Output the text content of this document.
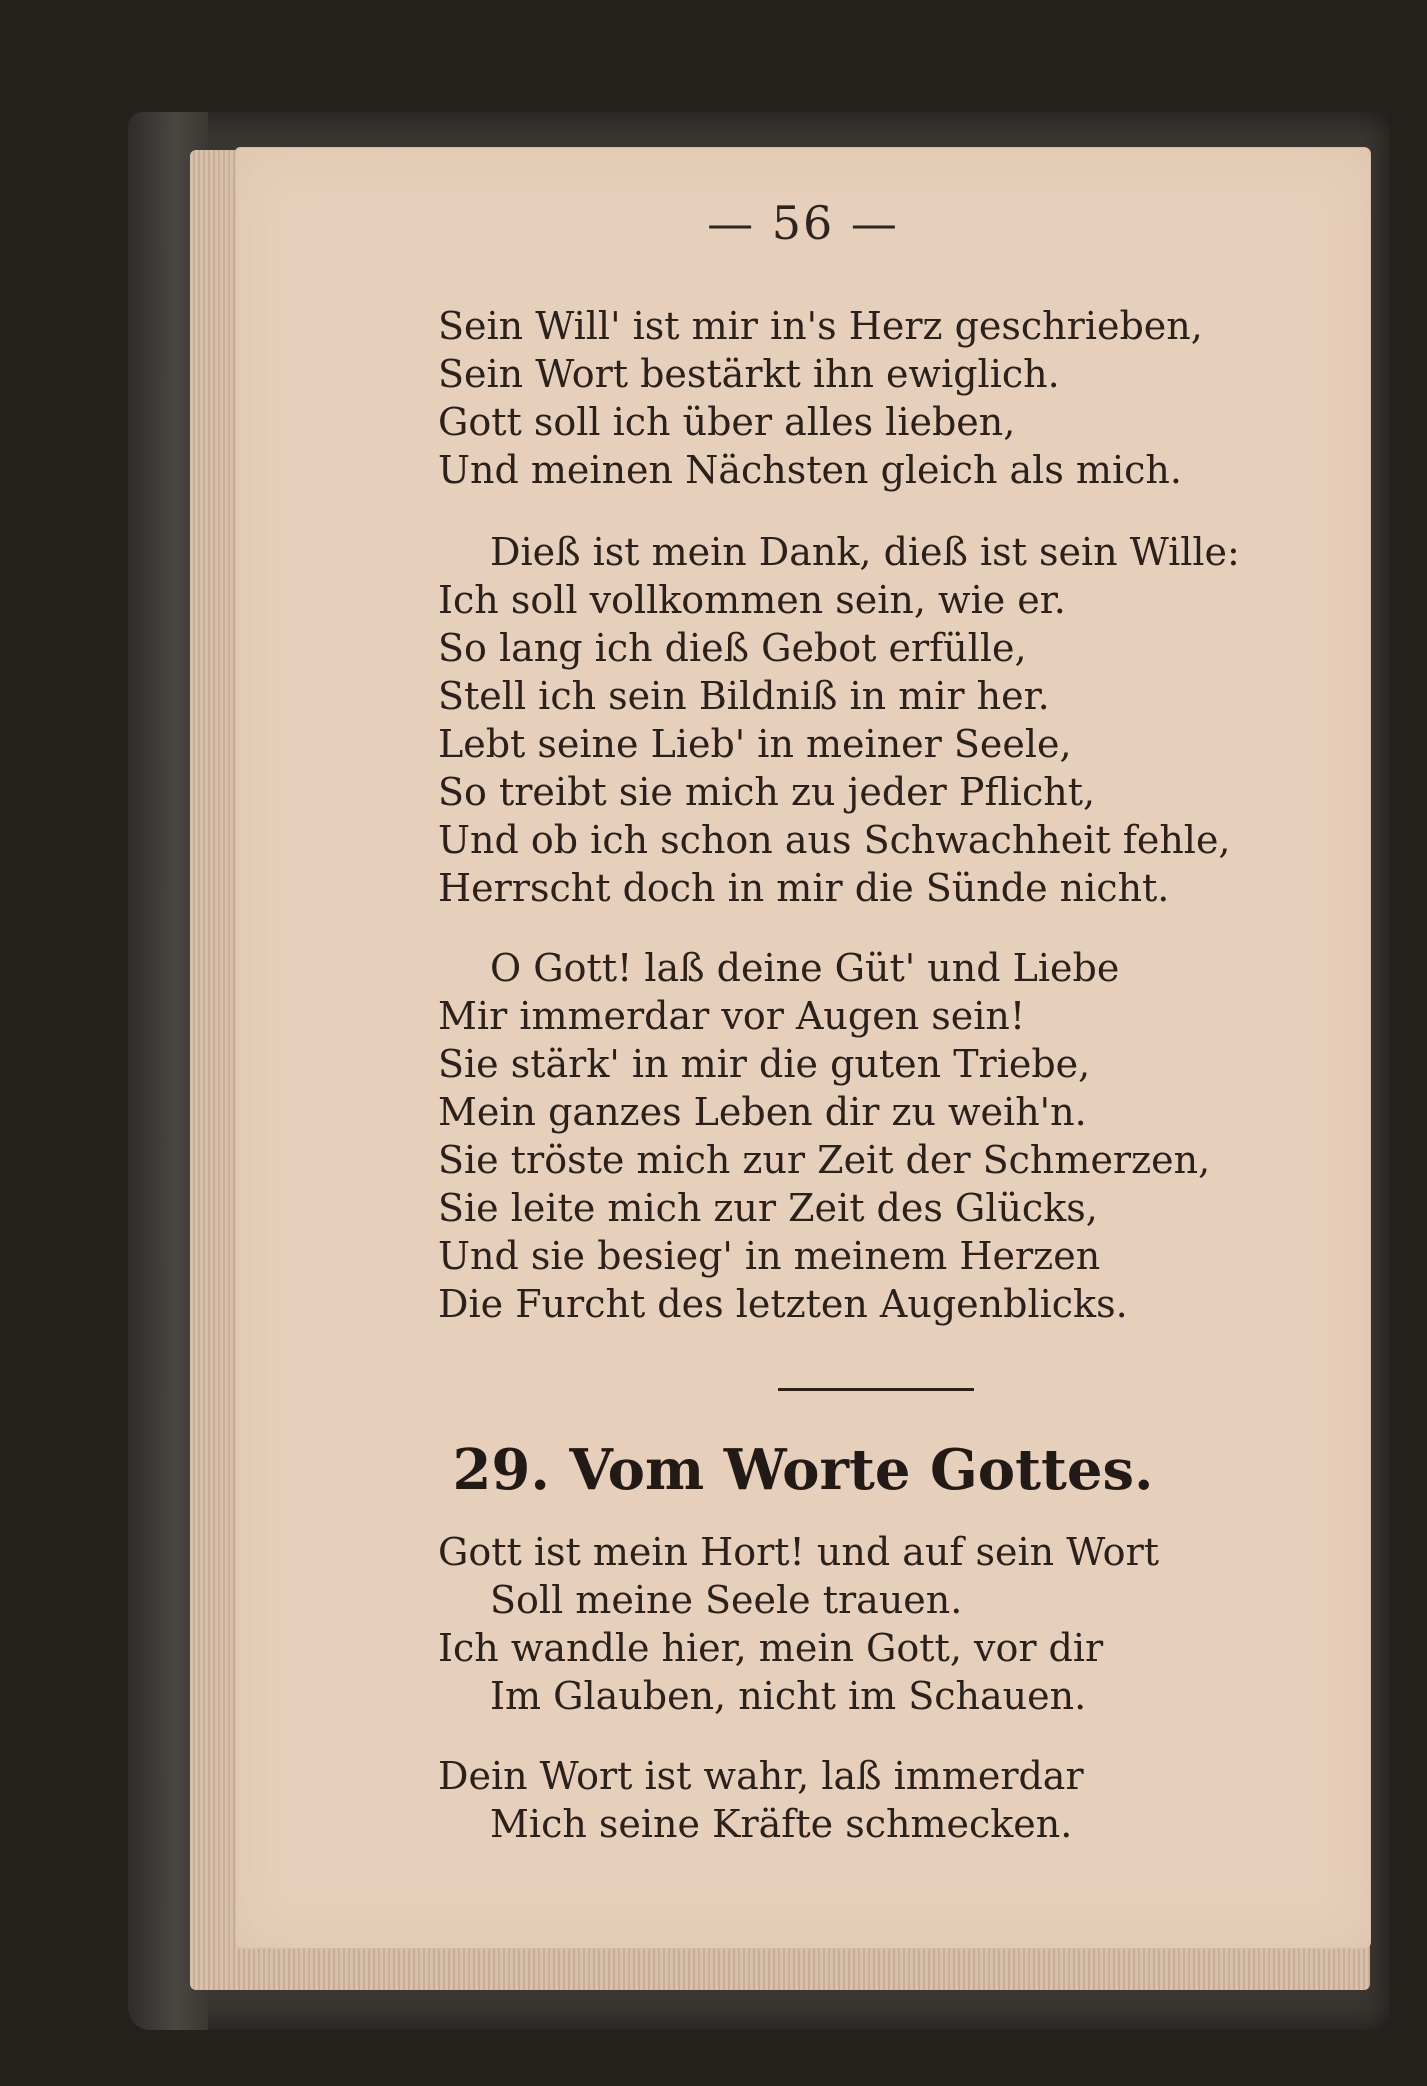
— 56 —
Sein Will' ist mir in's Herz geschrieben,
Sein Wort bestärkt ihn ewiglich.
Gott soll ich über alles lieben,
Und meinen Nächsten gleich als mich.
Dieß ist mein Dank, dieß ist sein Wille:
Ich soll vollkommen sein, wie er.
So lang ich dieß Gebot erfülle,
Stell ich sein Bildniß in mir her.
Lebt seine Lieb' in meiner Seele,
So treibt sie mich zu jeder Pflicht,
Und ob ich schon aus Schwachheit fehle,
Herrscht doch in mir die Sünde nicht.
O Gott! laß deine Güt' und Liebe
Mir immerdar vor Augen sein!
Sie stärk' in mir die guten Triebe,
Mein ganzes Leben dir zu weih'n.
Sie tröste mich zur Zeit der Schmerzen,
Sie leite mich zur Zeit des Glücks,
Und sie besieg' in meinem Herzen
Die Furcht des letzten Augenblicks.
29. Vom Worte Gottes.
Gott ist mein Hort! und auf sein Wort
Soll meine Seele trauen.
Ich wandle hier, mein Gott, vor dir
Im Glauben, nicht im Schauen.
Dein Wort ist wahr, laß immerdar
Mich seine Kräfte schmecken.
